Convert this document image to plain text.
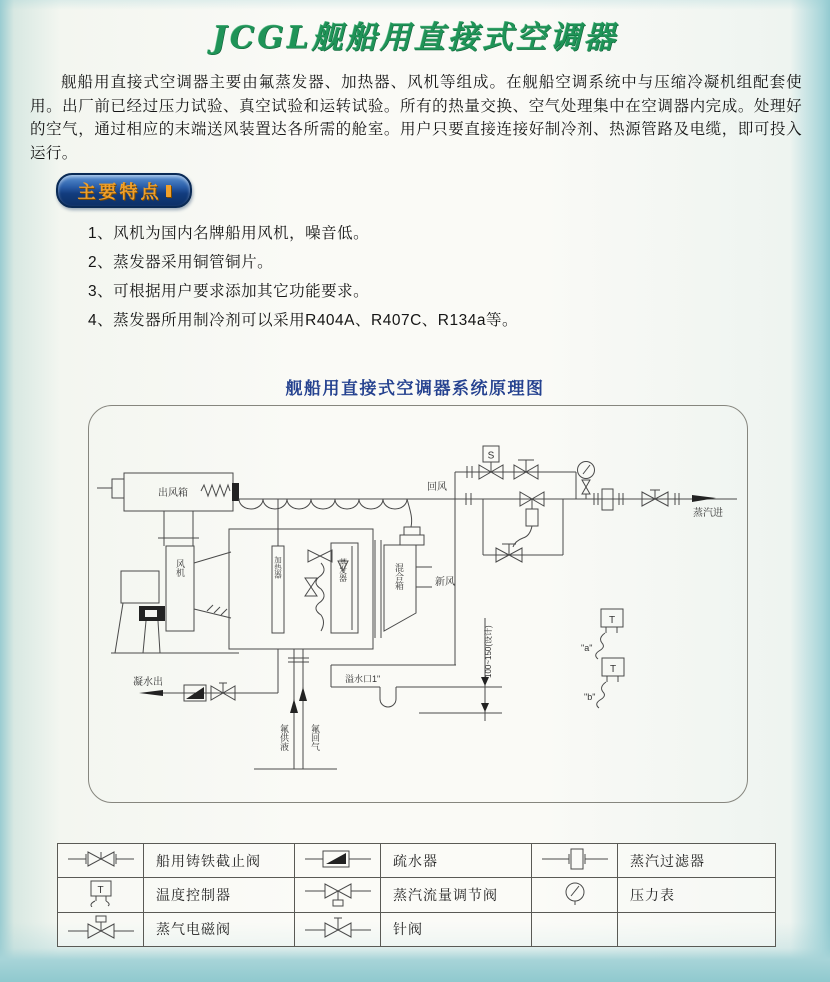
JCGL舰船用直接式空调器
舰船用直接式空调器主要由氟蒸发器、加热器、风机等组成。在舰船空调系统中与压缩冷凝机组配套使用。出厂前已经过压力试验、真空试验和运转试验。所有的热量交换、空气处理集中在空调器内完成。处理好的空气，通过相应的末端送风装置达各所需的舱室。用户只要直接连接好制冷剂、热源管路及电缆，即可投入运行。
主要特点
1、风机为国内名牌船用风机，噪音低。
2、蒸发器采用铜管铜片。
3、可根据用户要求添加其它功能要求。
4、蒸发器所用制冷剂可以采用R404A、R407C、R134a等。
舰船用直接式空调器系统原理图
出风箱
回风
风机	加热器	蒸发器	混合箱	新风
S
蒸汽进
凝水出
氟供液 氟回气
溢水口1"
100~150(设计)
T
"a"
T
"b"
	船用铸铁截止阀		疏水器		蒸汽过滤器

T	温度控制器		蒸汽流量调节阀		压力表
	蒸气电磁阀		针阀		
